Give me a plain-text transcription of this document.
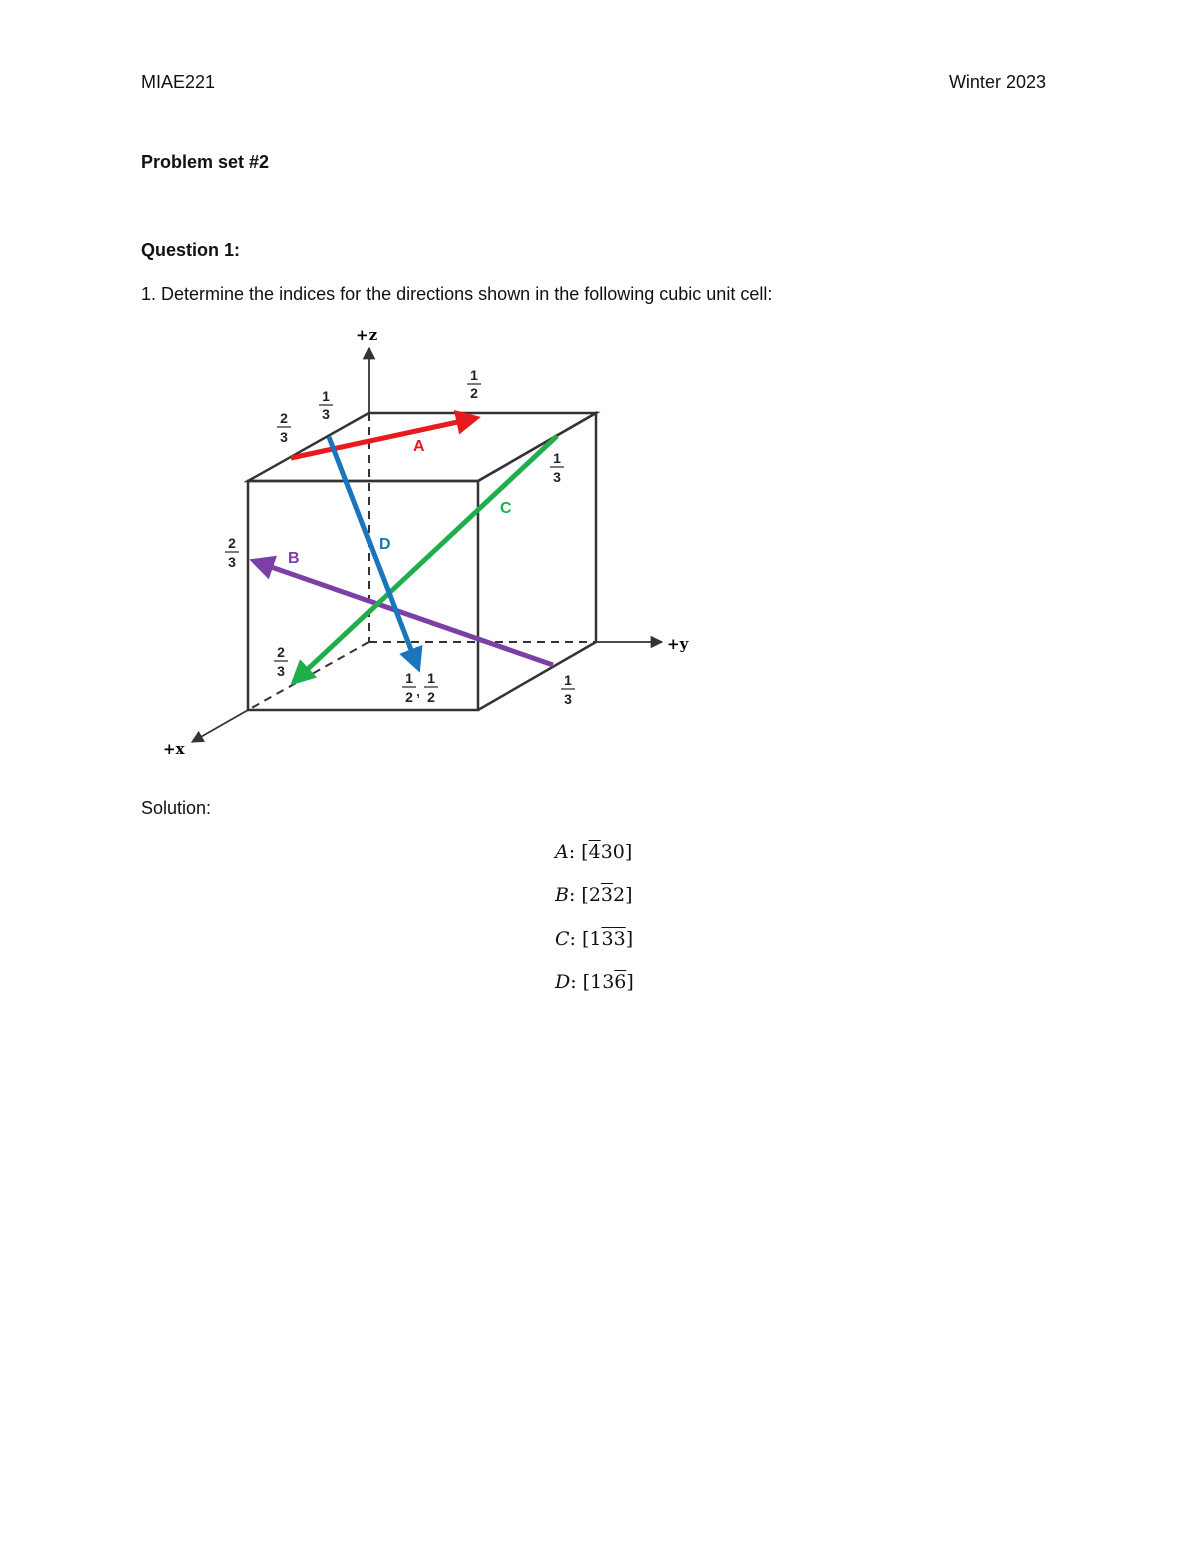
MIAE221	Winter 2023
Problem set #2
Question 1:
1. Determine the indices for the directions shown in the following cubic unit cell:
+z
+y
+x
A
B
C
D
1
2
1
3
2
3
2
3
1
3
2
3	1
2 ,
1
2
1
3
Solution:
A: [430]
B: [232]
C: [133]
D: [136]
